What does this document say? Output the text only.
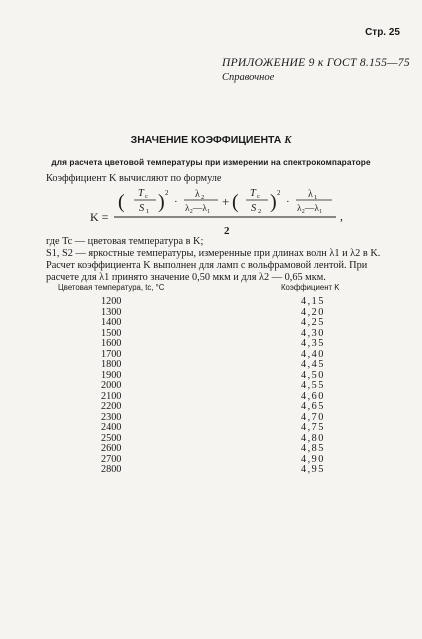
Стр. 25
ПРИЛОЖЕНИЕ 9 к ГОСТ 8.155—75
Справочное
ЗНАЧЕНИЕ КОЭФФИЦИЕНТА K
для расчета цветовой температуры при измерении на спектрокомпараторе
Коэффициент K вычисляют по формуле
K =
( T c
S 1 ) 2
·
λ 2
λ₂—λ₁ + ( T c
S 2 ) 2
·
λ 1
λ₂—λ₁
2
,
где Tc — цветовая температура в K;
S1, S2 — яркостные температуры, измеренные при длинах волн λ1 и λ2 в K.
Расчет коэффициента K выполнен для ламп с вольфрамовой лентой. При
расчете для λ1 принято значение 0,50 мкм и для λ2 — 0,65 мкм.
Цветовая температура, tc, °С	Коэффициент K
1200
1300
1400
1500
1600
1700
1800
1900
2000
2100
2200
2300
2400
2500
2600
2700
2800
4,15
4,20
4,25
4,30
4,35
4,40
4,45
4,50
4,55
4,60
4,65
4,70
4,75
4,80
4,85
4,90
4,95
